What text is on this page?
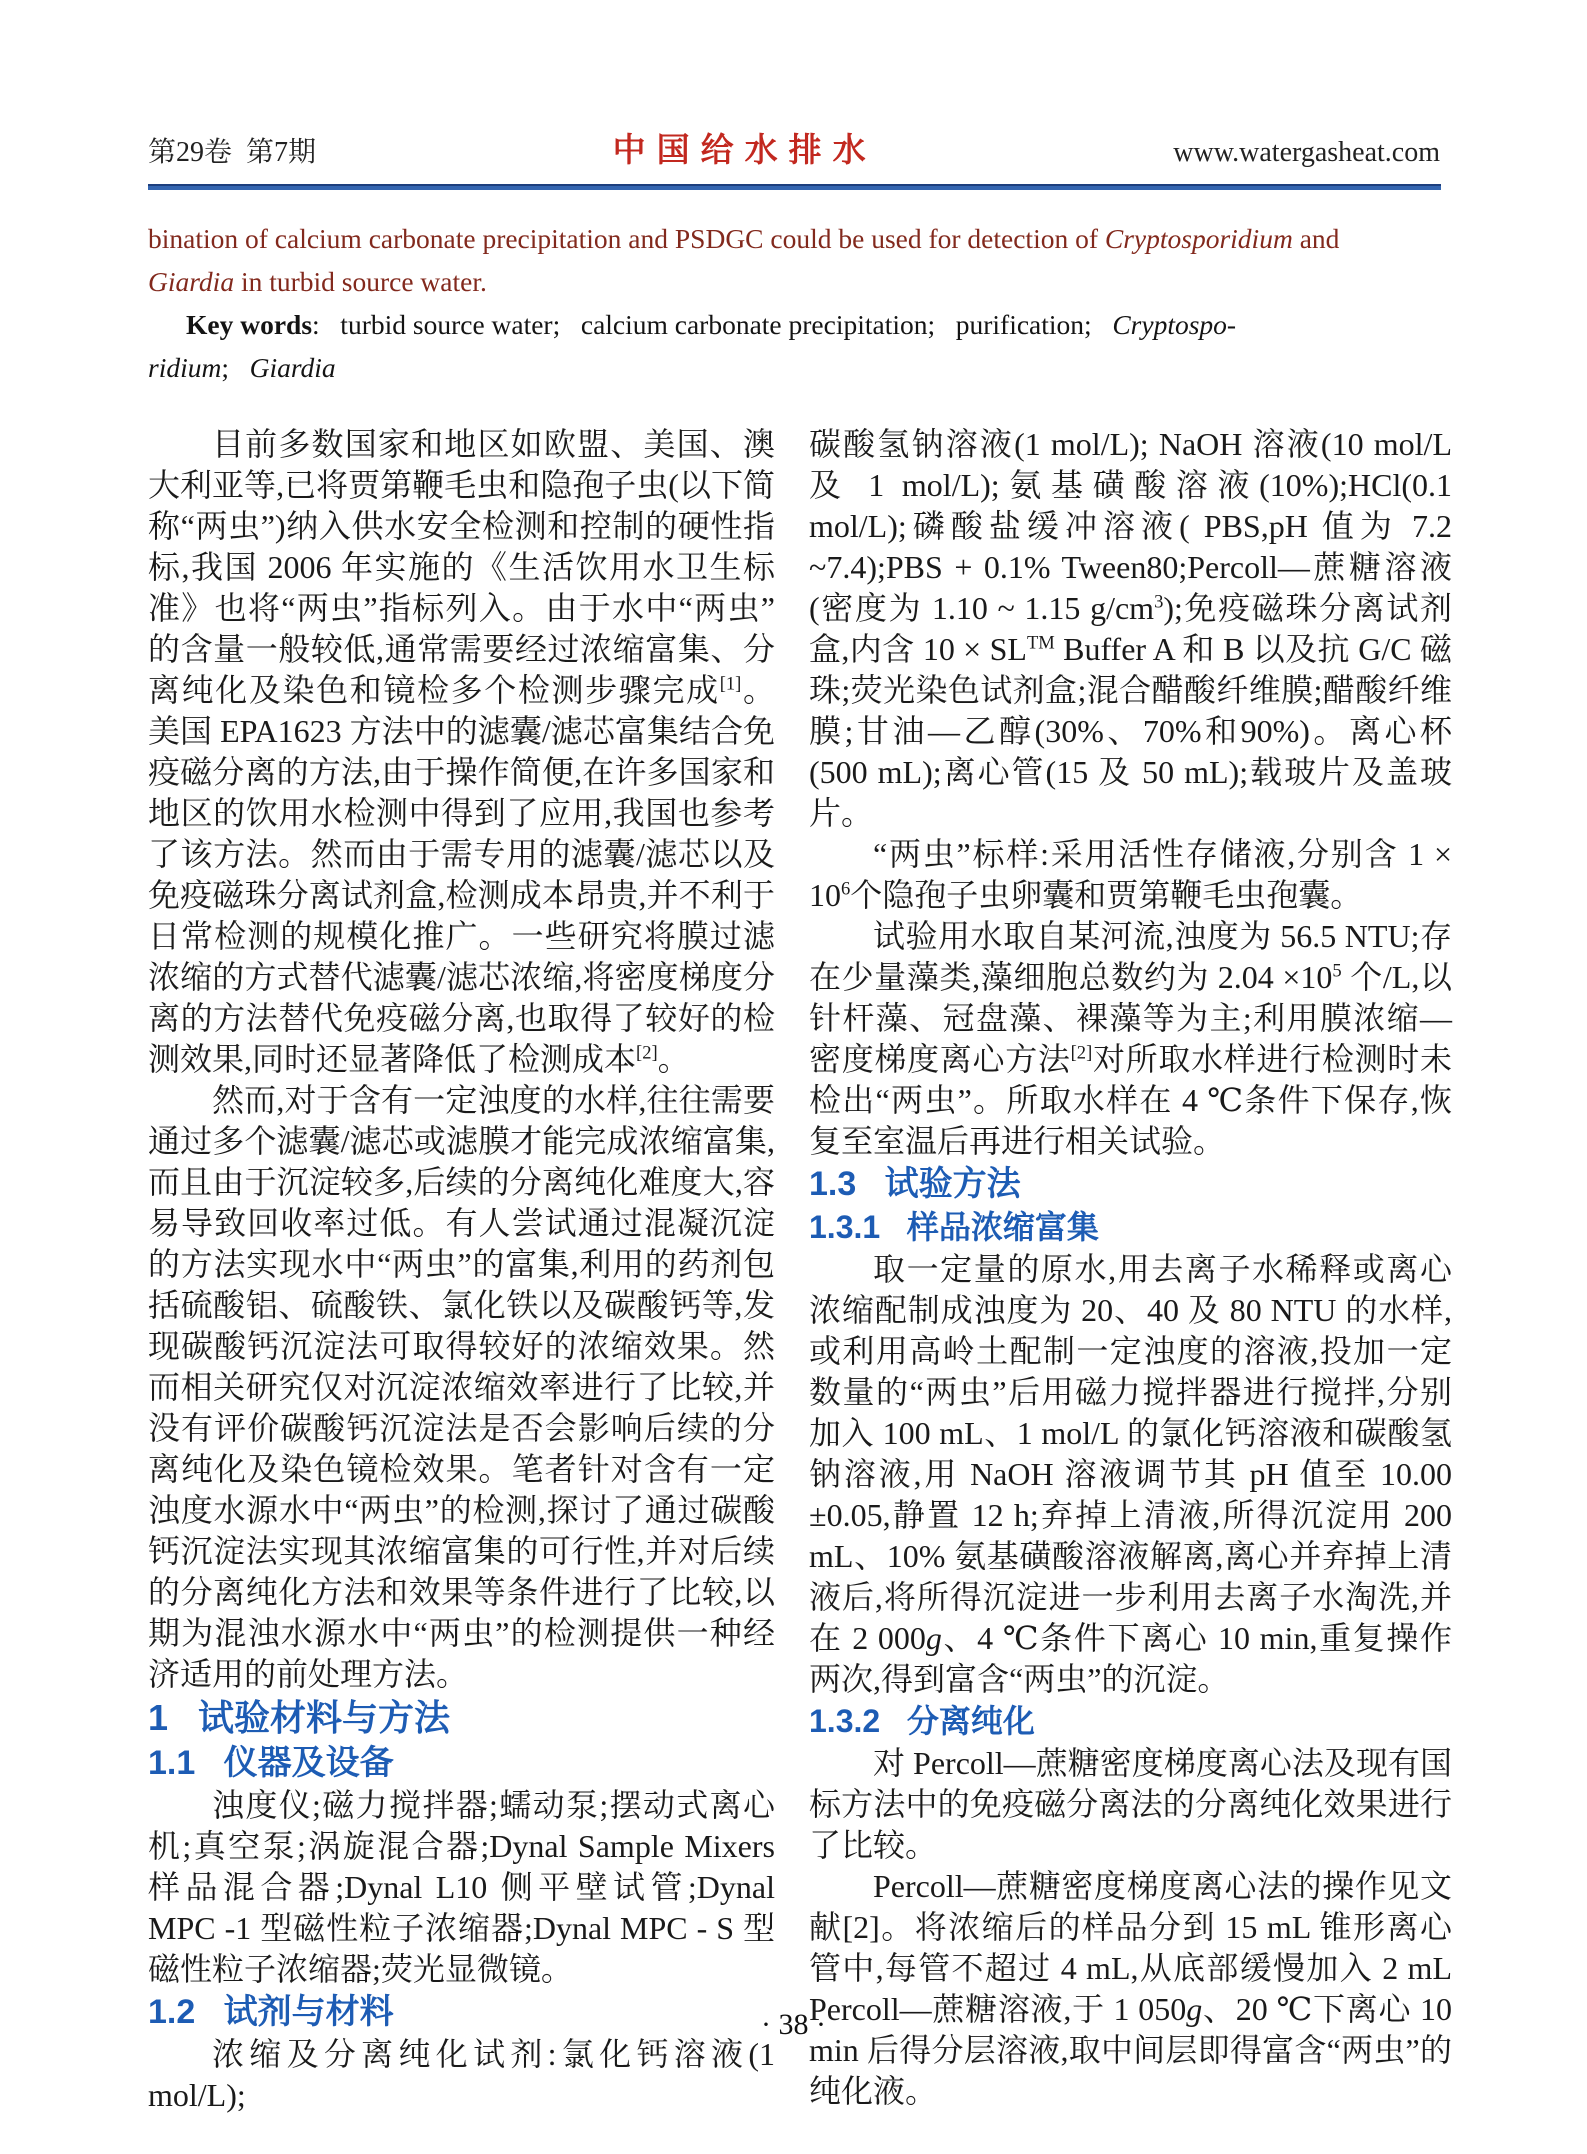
第29卷  第7期	中国给水排水	www.watergasheat.com
bination of calcium carbonate precipitation and PSDGC could be used for detection of Cryptosporidium and
Giardia in turbid source water.
Key words:   turbid source water;   calcium carbonate precipitation;   purification;   Cryptospo-
ridium;   Giardia

目前多数国家和地区如欧盟、美国、澳大利亚等,已将贾第鞭毛虫和隐孢子虫(以下简称“两虫”)纳入供水安全检测和控制的硬性指标,我国 2006 年实施的《生活饮用水卫生标准》也将“两虫”指标列入。由于水中“两虫”的含量一般较低,通常需要经过浓缩富集、分离纯化及染色和镜检多个检测步骤完成[1]。美国 EPA1623 方法中的滤囊/滤芯富集结合免疫磁分离的方法,由于操作简便,在许多国家和地区的饮用水检测中得到了应用,我国也参考了该方法。然而由于需专用的滤囊/滤芯以及免疫磁珠分离试剂盒,检测成本昂贵,并不利于日常检测的规模化推广。一些研究将膜过滤浓缩的方式替代滤囊/滤芯浓缩,将密度梯度分离的方法替代免疫磁分离,也取得了较好的检测效果,同时还显著降低了检测成本[2]。

然而,对于含有一定浊度的水样,往往需要通过多个滤囊/滤芯或滤膜才能完成浓缩富集,而且由于沉淀较多,后续的分离纯化难度大,容易导致回收率过低。有人尝试通过混凝沉淀的方法实现水中“两虫”的富集,利用的药剂包括硫酸铝、硫酸铁、氯化铁以及碳酸钙等,发现碳酸钙沉淀法可取得较好的浓缩效果。然而相关研究仅对沉淀浓缩效率进行了比较,并没有评价碳酸钙沉淀法是否会影响后续的分离纯化及染色镜检效果。笔者针对含有一定浊度水源水中“两虫”的检测,探讨了通过碳酸钙沉淀法实现其浓缩富集的可行性,并对后续的分离纯化方法和效果等条件进行了比较,以期为混浊水源水中“两虫”的检测提供一种经济适用的前处理方法。

1   试验材料与方法
1.1   仪器及设备

浊度仪;磁力搅拌器;蠕动泵;摆动式离心机;真空泵;涡旋混合器;Dynal Sample Mixers 样品混合器;Dynal L10 侧平壁试管;Dynal MPC -1 型磁性粒子浓缩器;Dynal MPC - S 型磁性粒子浓缩器;荧光显微镜。

1.2   试剂与材料

浓缩及分离纯化试剂:氯化钙溶液(1 mol/L);

碳酸氢钠溶液(1 mol/L); NaOH 溶液(10 mol/L 及 1 mol/L);氨基磺酸溶液(10%);HCl(0.1 mol/L);磷酸盐缓冲溶液( PBS,pH 值为 7.2 ~7.4);PBS + 0.1% Tween80;Percoll—蔗糖溶液(密度为 1.10 ~ 1.15 $g/cm^3$);免疫磁珠分离试剂盒,内含 10 × SL™ Buffer A 和 B 以及抗 G/C 磁珠;荧光染色试剂盒;混合醋酸纤维膜;醋酸纤维膜;甘油—乙醇(30%、70%和90%)。离心杯(500 mL);离心管(15 及 50 mL);载玻片及盖玻片。

“两虫”标样:采用活性存储液,分别含 $1 \times 10^6$个隐孢子虫卵囊和贾第鞭毛虫孢囊。

试验用水取自某河流,浊度为 56.5 NTU;存在少量藻类,藻细胞总数约为 $2.04 \times 10^5$ 个/L,以针杆藻、冠盘藻、裸藻等为主;利用膜浓缩—密度梯度离心方法[2]对所取水样进行检测时未检出“两虫”。所取水样在 4 ℃条件下保存,恢复至室温后再进行相关试验。

1.3   试验方法
1.3.1   样品浓缩富集

取一定量的原水,用去离子水稀释或离心浓缩配制成浊度为 20、40 及 80 NTU 的水样,或利用高岭土配制一定浊度的溶液,投加一定数量的“两虫”后用磁力搅拌器进行搅拌,分别加入 100 mL、1 mol/L 的氯化钙溶液和碳酸氢钠溶液,用 NaOH 溶液调节其 pH 值至 10.00 ±0.05,静置 12 h;弃掉上清液,所得沉淀用 200 mL、10% 氨基磺酸溶液解离,离心并弃掉上清液后,将所得沉淀进一步利用去离子水淘洗,并在 2 000g、4 ℃条件下离心 10 min,重复操作两次,得到富含“两虫”的沉淀。

1.3.2   分离纯化

对 Percoll—蔗糖密度梯度离心法及现有国标方法中的免疫磁分离法的分离纯化效果进行了比较。

Percoll—蔗糖密度梯度离心法的操作见文献[2]。将浓缩后的样品分到 15 mL 锥形离心管中,每管不超过 4 mL,从底部缓慢加入 2 mL Percoll—蔗糖溶液,于 1 050g、20 ℃下离心 10 min 后得分层溶液,取中间层即得富含“两虫”的纯化液。

· 38 ·
